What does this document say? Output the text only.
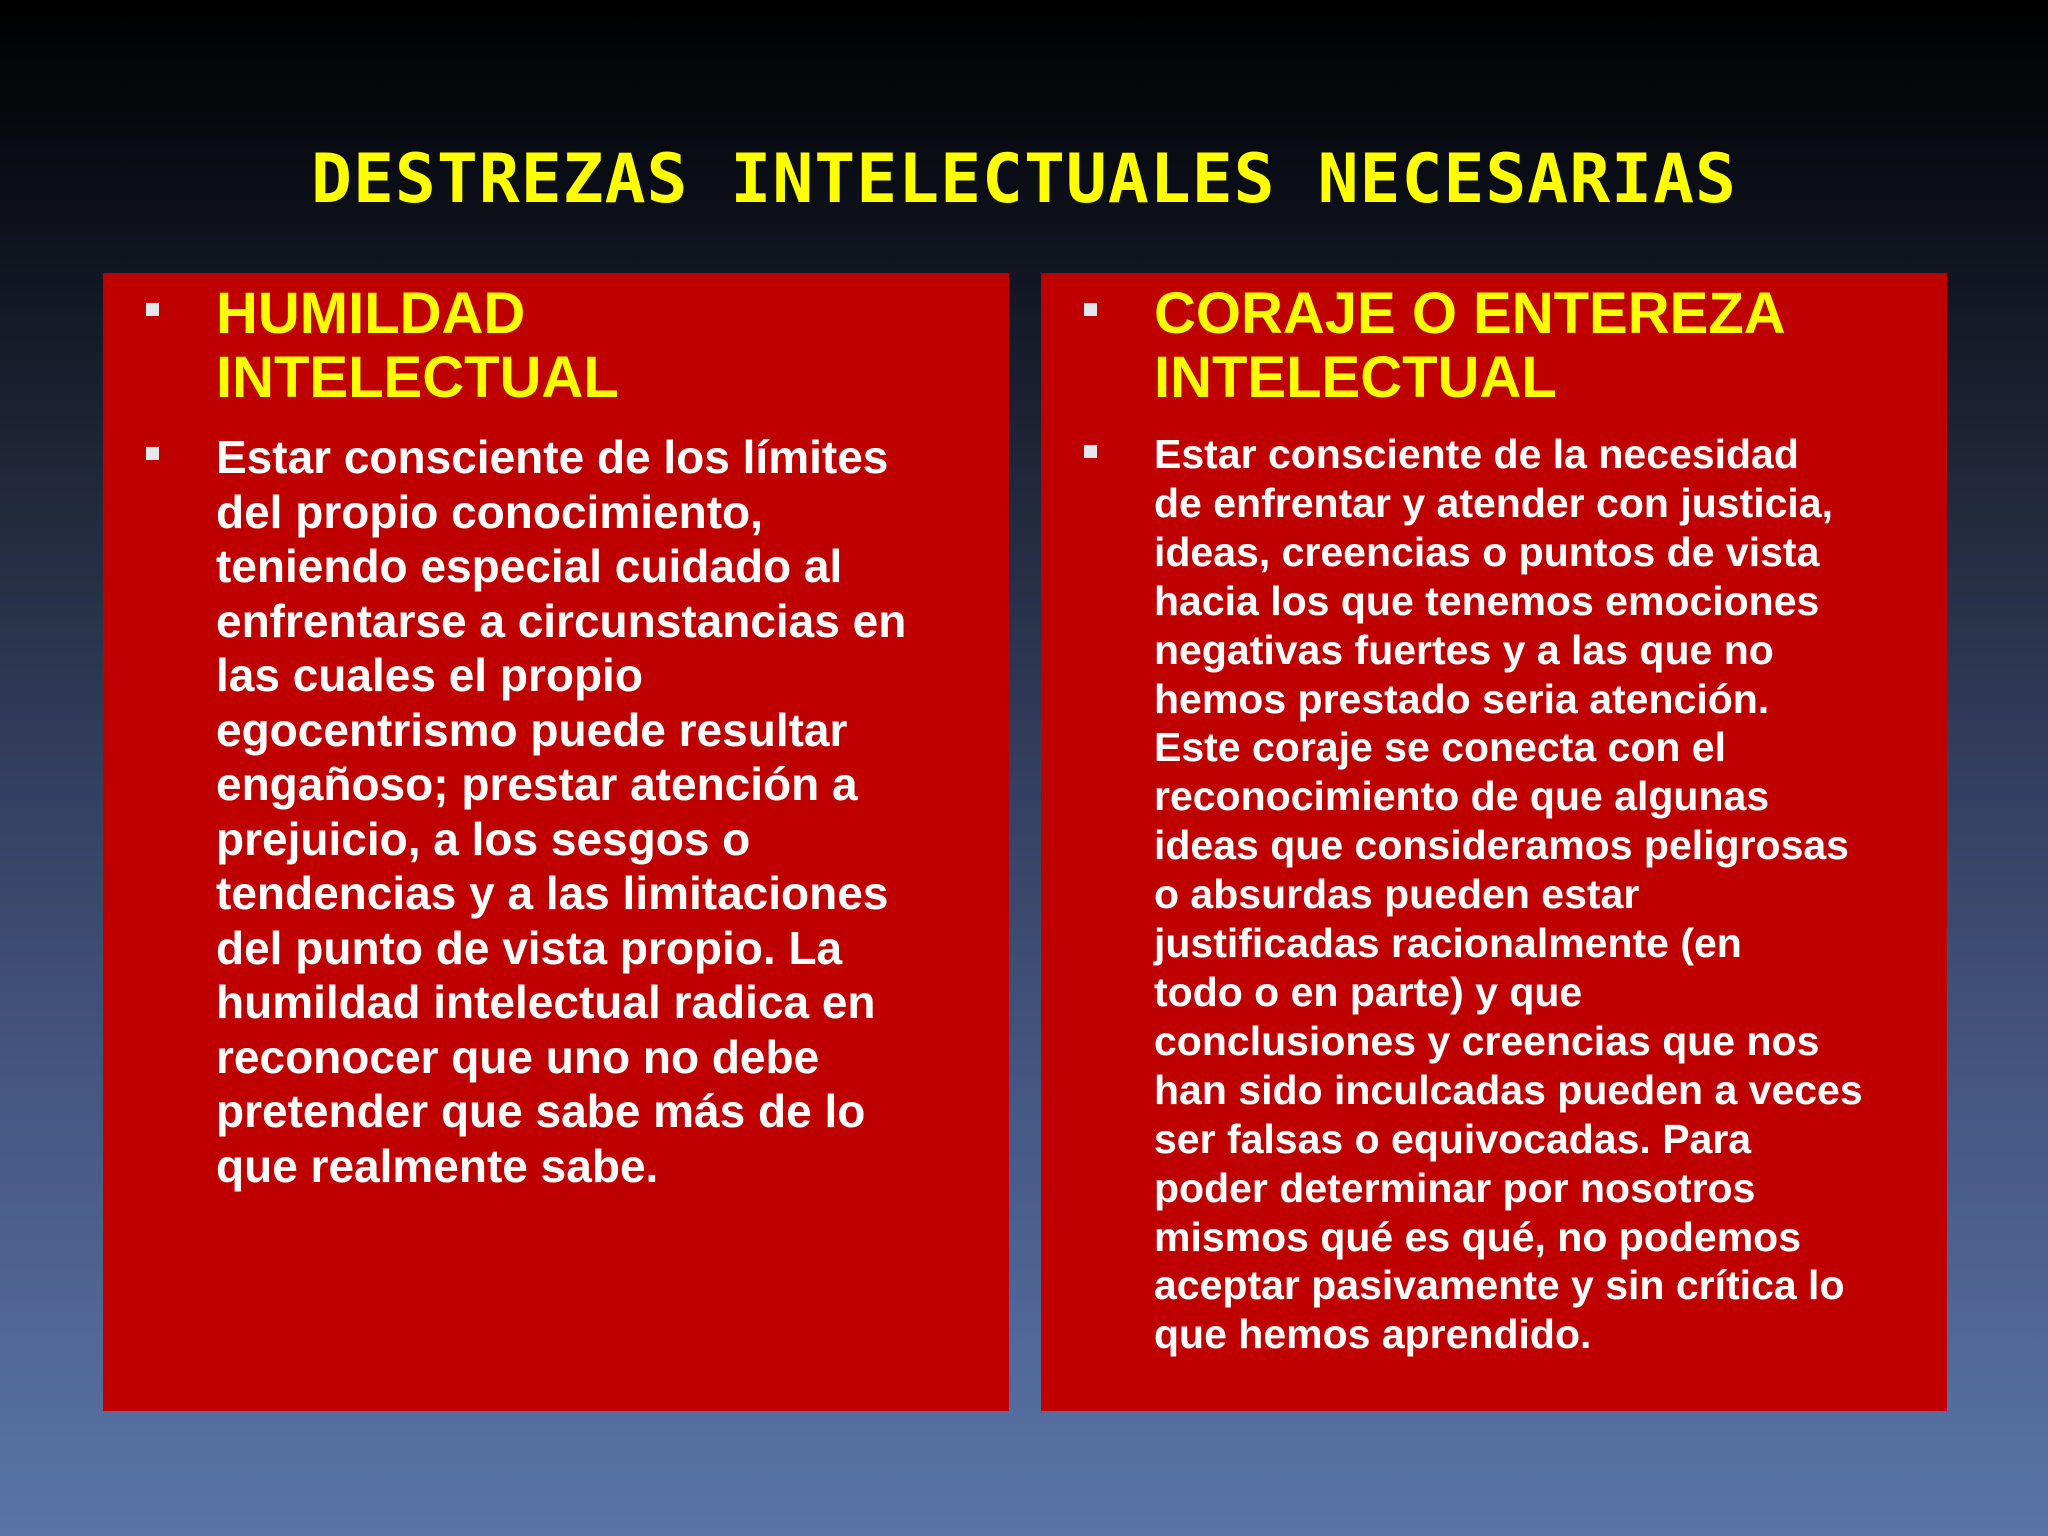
DESTREZAS INTELECTUALES NECESARIAS
HUMILDAD
INTELECTUAL
Estar consciente de los límites
del propio conocimiento,
teniendo especial cuidado al
enfrentarse a circunstancias en
las cuales el propio
egocentrismo puede resultar
engañoso; prestar atención a
prejuicio, a los sesgos o
tendencias y a las limitaciones
del punto de vista propio. La
humildad intelectual radica en
reconocer que uno no debe
pretender que sabe más de lo
que realmente sabe.
CORAJE O ENTEREZA
INTELECTUAL
Estar consciente de la necesidad
de enfrentar y atender con justicia,
ideas, creencias o puntos de vista
hacia los que tenemos emociones
negativas fuertes y a las que no
hemos prestado seria atención.
Este coraje se conecta con el
reconocimiento de que algunas
ideas que consideramos peligrosas
o absurdas pueden estar
justificadas racionalmente (en
todo o en parte) y que
conclusiones y creencias que nos
han sido inculcadas pueden a veces
ser falsas o equivocadas. Para
poder determinar por nosotros
mismos qué es qué, no podemos
aceptar pasivamente y sin crítica lo
que hemos aprendido.
